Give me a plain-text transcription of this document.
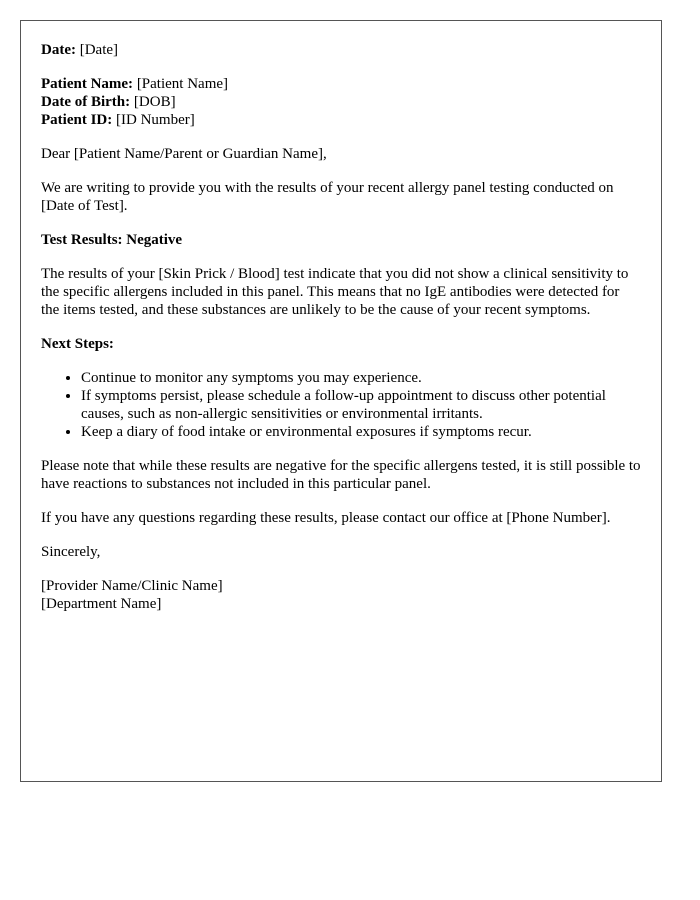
Date: [Date]

Patient Name: [Patient Name]
Date of Birth: [DOB]
Patient ID: [ID Number]

Dear [Patient Name/Parent or Guardian Name],

We are writing to provide you with the results of your recent allergy panel testing conducted on [Date of Test].

Test Results: Negative

The results of your [Skin Prick / Blood] test indicate that you did not show a clinical sensitivity to the specific allergens included in this panel. This means that no IgE antibodies were detected for the items tested, and these substances are unlikely to be the cause of your recent symptoms.

Next Steps:

• Continue to monitor any symptoms you may experience.
• If symptoms persist, please schedule a follow-up appointment to discuss other potential causes, such as non-allergic sensitivities or environmental irritants.
• Keep a diary of food intake or environmental exposures if symptoms recur.

Please note that while these results are negative for the specific allergens tested, it is still possible to have reactions to substances not included in this particular panel.

If you have any questions regarding these results, please contact our office at [Phone Number].

Sincerely,

[Provider Name/Clinic Name]
[Department Name]
